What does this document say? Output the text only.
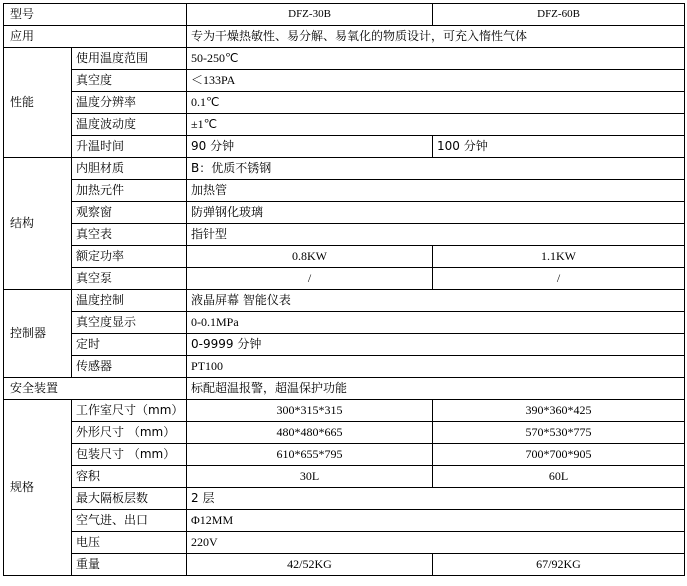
型号		DFZ-30B	DFZ-60B
应用		专为干燥热敏性、易分解、易氧化的物质设计，可充入惰性气体	
性能	使用温度范围	50-250℃	
	真空度	＜133PA	
	温度分辨率	0.1℃	
	温度波动度	±1℃	
	升温时间	90 分钟	100 分钟
结构	内胆材质	B：优质不锈钢	
	加热元件	加热管	
	观察窗	防弹钢化玻璃	
	真空表	指针型	
	额定功率	0.8KW	1.1KW
	真空泵	/	/
控制器	温度控制	液晶屏幕 智能仪表	
	真空度显示	0-0.1MPa	
	定时	0-9999 分钟	
	传感器	PT100	
安全装置		标配超温报警，超温保护功能	
规格	工作室尺寸（mm）	300*315*315	390*360*425
	外形尺寸 （mm）	480*480*665	570*530*775
	包装尺寸 （mm）	610*655*795	700*700*905
	容积	30L	60L
	最大隔板层数	2 层	
	空气进、出口	Φ12MM	
	电压	220V	
	重量	42/52KG	67/92KG
